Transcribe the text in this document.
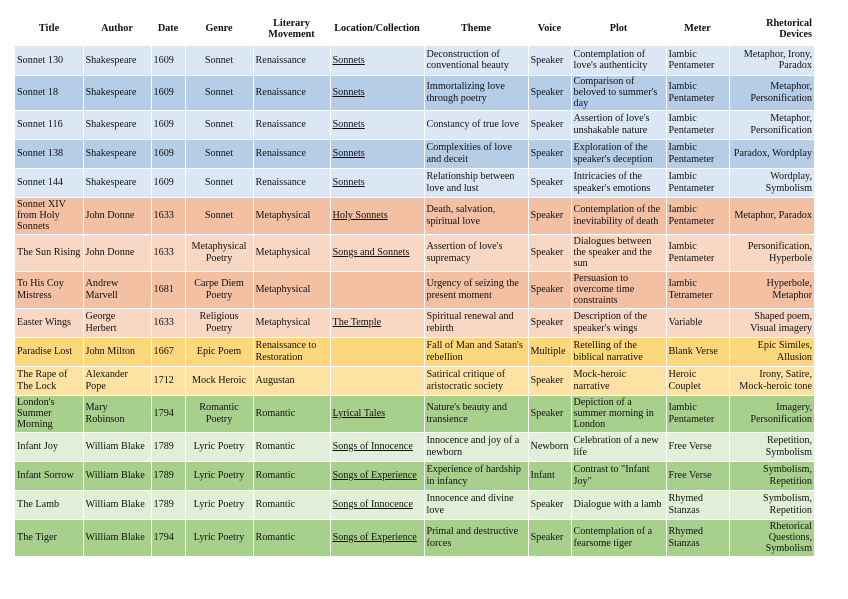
Title	Author	Date	Genre	Literary Movement	Location/Collection	Theme	Voice	Plot	Meter	Rhetorical Devices
Sonnet 130	Shakespeare	1609	Sonnet	Renaissance	Sonnets	Deconstruction of conventional beauty	Speaker	Contemplation of love's authenticity	Iambic Pentameter	Metaphor, Irony, Paradox
Sonnet 18	Shakespeare	1609	Sonnet	Renaissance	Sonnets	Immortalizing love through poetry	Speaker	Comparison of beloved to summer's day	Iambic Pentameter	Metaphor, Personification
Sonnet 116	Shakespeare	1609	Sonnet	Renaissance	Sonnets	Constancy of true love	Speaker	Assertion of love's unshakable nature	Iambic Pentameter	Metaphor, Personification
Sonnet 138	Shakespeare	1609	Sonnet	Renaissance	Sonnets	Complexities of love and deceit	Speaker	Exploration of the speaker's deception	Iambic Pentameter	Paradox, Wordplay
Sonnet 144	Shakespeare	1609	Sonnet	Renaissance	Sonnets	Relationship between love and lust	Speaker	Intricacies of the speaker's emotions	Iambic Pentameter	Wordplay, Symbolism
Sonnet XIV from Holy Sonnets	John Donne	1633	Sonnet	Metaphysical	Holy Sonnets	Death, salvation, spiritual love	Speaker	Contemplation of the inevitability of death	Iambic Pentameter	Metaphor, Paradox
The Sun Rising	John Donne	1633	Metaphysical Poetry	Metaphysical	Songs and Sonnets	Assertion of love's supremacy	Speaker	Dialogues between the speaker and the sun	Iambic Pentameter	Personification, Hyperbole
To His Coy Mistress	Andrew Marvell	1681	Carpe Diem Poetry	Metaphysical		Urgency of seizing the present moment	Speaker	Persuasion to overcome time constraints	Iambic Tetrameter	Hyperbole, Metaphor
Easter Wings	George Herbert	1633	Religious Poetry	Metaphysical	The Temple	Spiritual renewal and rebirth	Speaker	Description of the speaker's wings	Variable	Shaped poem, Visual imagery
Paradise Lost	John Milton	1667	Epic Poem	Renaissance to Restoration		Fall of Man and Satan's rebellion	Multiple	Retelling of the biblical narrative	Blank Verse	Epic Similes, Allusion
The Rape of The Lock	Alexander Pope	1712	Mock Heroic	Augustan		Satirical critique of aristocratic society	Speaker	Mock-heroic narrative	Heroic Couplet	Irony, Satire, Mock-heroic tone
London's Summer Morning	Mary Robinson	1794	Romantic Poetry	Romantic	Lyrical Tales	Nature's beauty and transience	Speaker	Depiction of a summer morning in London	Iambic Pentameter	Imagery, Personification
Infant Joy	William Blake	1789	Lyric Poetry	Romantic	Songs of Innocence	Innocence and joy of a newborn	Newborn	Celebration of a new life	Free Verse	Repetition, Symbolism
Infant Sorrow	William Blake	1789	Lyric Poetry	Romantic	Songs of Experience	Experience of hardship in infancy	Infant	Contrast to "Infant Joy"	Free Verse	Symbolism, Repetition
The Lamb	William Blake	1789	Lyric Poetry	Romantic	Songs of Innocence	Innocence and divine love	Speaker	Dialogue with a lamb	Rhymed Stanzas	Symbolism, Repetition
The Tiger	William Blake	1794	Lyric Poetry	Romantic	Songs of Experience	Primal and destructive forces	Speaker	Contemplation of a fearsome tiger	Rhymed Stanzas	Rhetorical Questions, Symbolism
